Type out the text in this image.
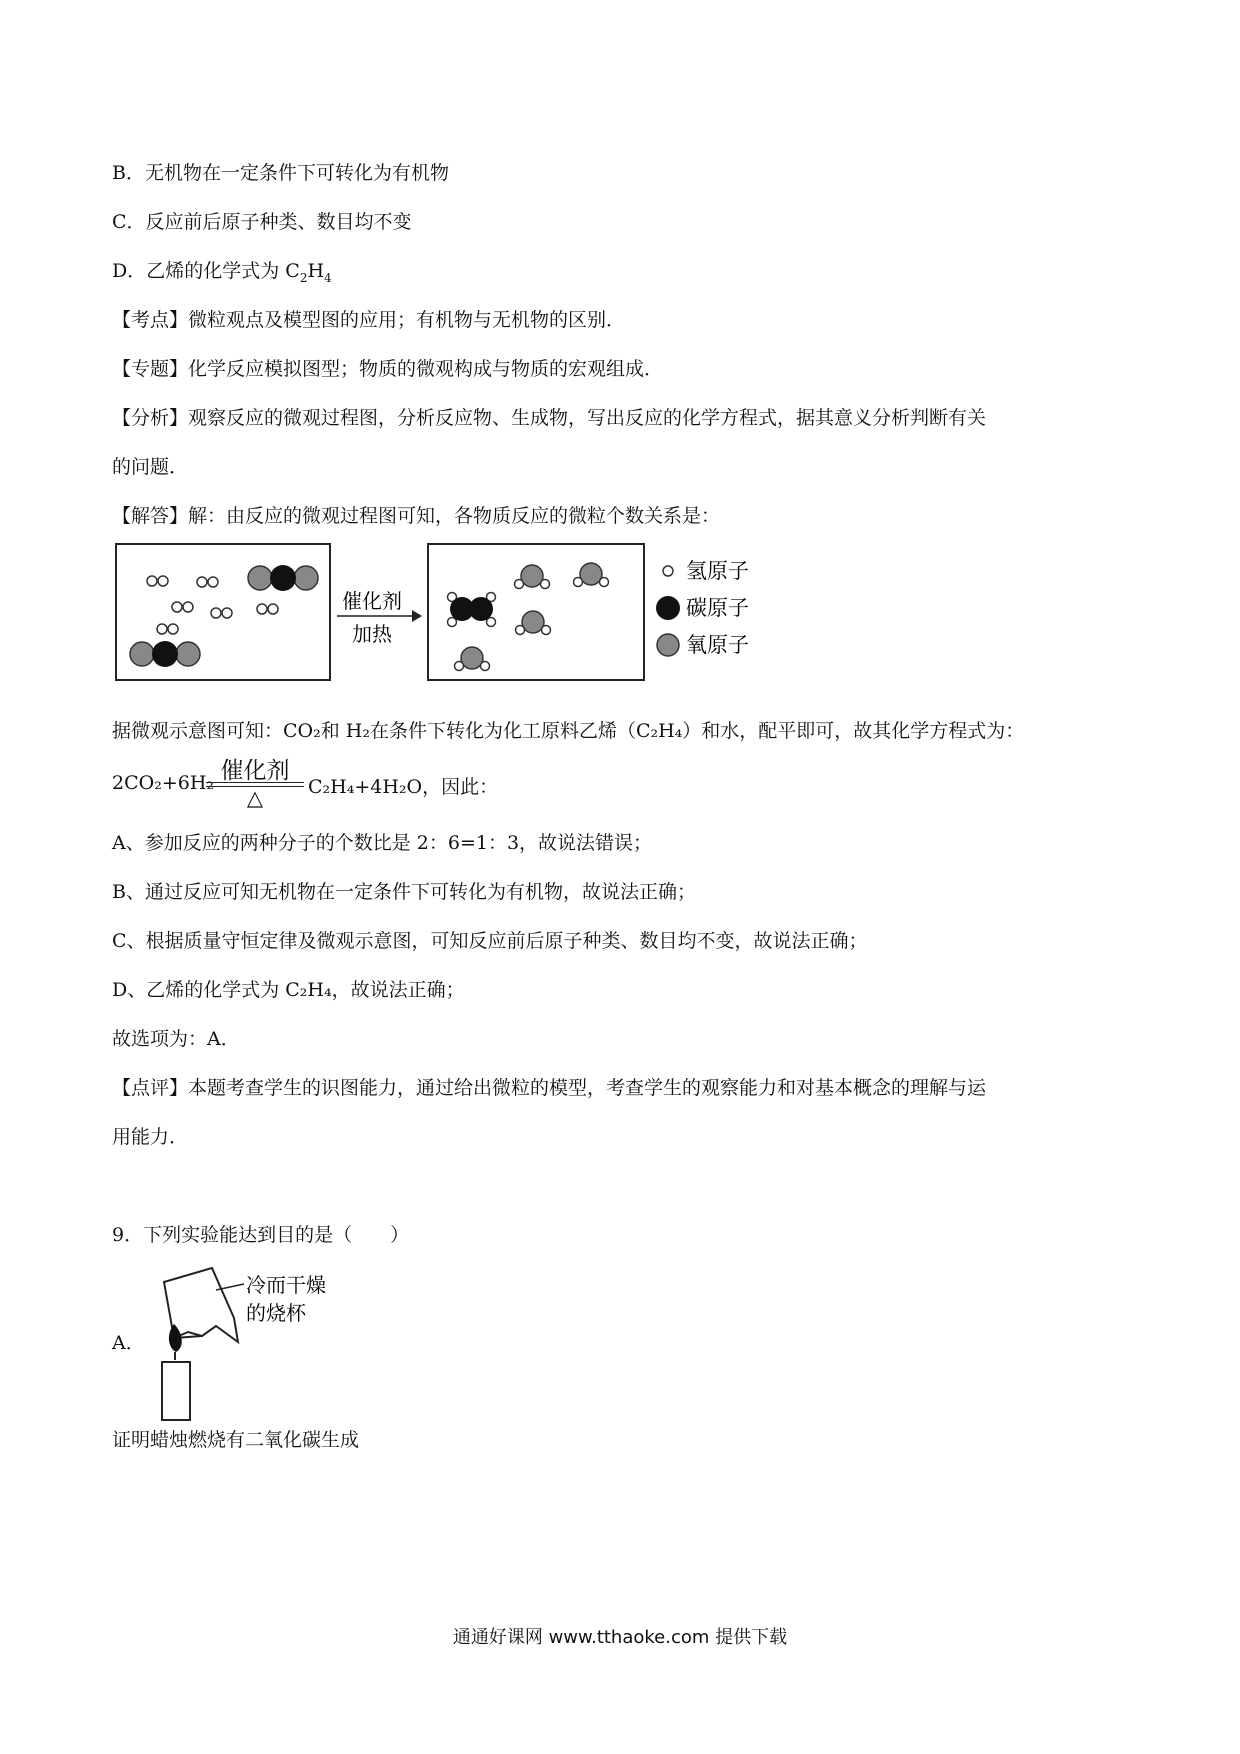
B．无机物在一定条件下可转化为有机物
C．反应前后原子种类、数目均不变
D．乙烯的化学式为 $C_2H_4$
【考点】微粒观点及模型图的应用；有机物与无机物的区别．
【专题】化学反应模拟图型；物质的微观构成与物质的宏观组成．
【分析】观察反应的微观过程图，分析反应物、生成物，写出反应的化学方程式，据其意义分析判断有关
的问题．
【解答】解：由反应的微观过程图可知，各物质反应的微粒个数关系是：
催化剂
加热
氢原子
碳原子
氧原子
据微观示意图可知：CO₂和 H₂在条件下转化为化工原料乙烯（C₂H₄）和水，配平即可，故其化学方程式为：
2CO₂+6H₂ 催化剂
△	C₂H₄+4H₂O，因此：
A、参加反应的两种分子的个数比是 2：6=1：3，故说法错误；
B、通过反应可知无机物在一定条件下可转化为有机物，故说法正确；
C、根据质量守恒定律及微观示意图，可知反应前后原子种类、数目均不变，故说法正确；
D、乙烯的化学式为 C₂H₄，故说法正确；
故选项为：A．
【点评】本题考查学生的识图能力，通过给出微粒的模型，考查学生的观察能力和对基本概念的理解与运
用能力．
9．下列实验能达到目的是（　　）
冷而干燥
的烧杯
A．
证明蜡烛燃烧有二氧化碳生成
通通好课网 www.tthaoke.com 提供下载
